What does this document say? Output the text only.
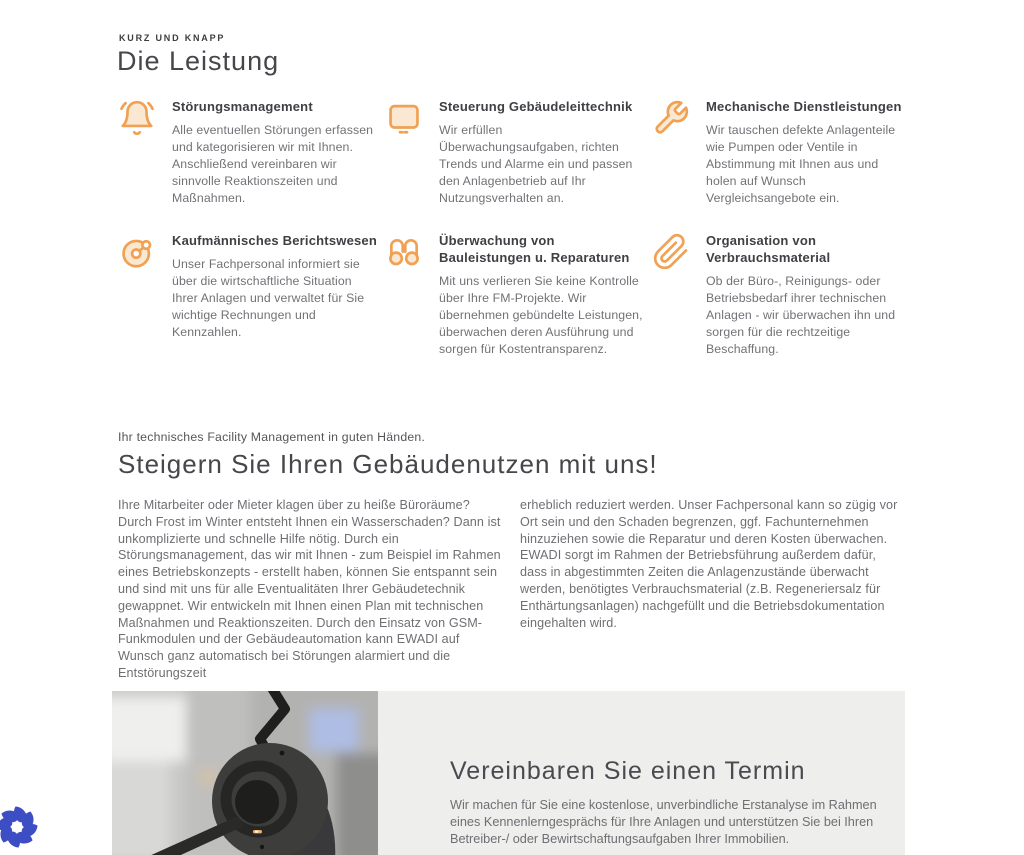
KURZ UND KNAPP
Die Leistung
Störungsmanagement

Alle eventuellen Störungen erfassen und kategorisieren wir mit Ihnen. Anschließend vereinbaren wir sinnvolle Reaktionszeiten und Maßnahmen.

Steuerung Gebäudeleittechnik

Wir erfüllen Überwachungsaufgaben, richten Trends und Alarme ein und passen den Anlagenbetrieb auf Ihr Nutzungsverhalten an.

Mechanische Dienstleistungen

Wir tauschen defekte Anlagenteile wie Pumpen oder Ventile in Abstimmung mit Ihnen aus und holen auf Wunsch Vergleichsangebote ein.

Kaufmännisches Berichtswesen

Unser Fachpersonal informiert sie über die wirtschaftliche Situation Ihrer Anlagen und verwaltet für Sie wichtige Rechnungen und Kennzahlen.

Überwachung von Bauleistungen u. Reparaturen

Mit uns verlieren Sie keine Kontrolle über Ihre FM-Projekte. Wir übernehmen gebündelte Leistungen, überwachen deren Ausführung und sorgen für Kostentransparenz.

Organisation von Verbrauchsmaterial

Ob der Büro-, Reinigungs- oder Betriebsbedarf ihrer technischen Anlagen - wir überwachen ihn und sorgen für die rechtzeitige Beschaffung.

Ihr technisches Facility Management in guten Händen.
Steigern Sie Ihren Gebäudenutzen mit uns!

Ihre Mitarbeiter oder Mieter klagen über zu heiße Büroräume? Durch Frost im Winter entsteht Ihnen ein Wasserschaden? Dann ist unkomplizierte und schnelle Hilfe nötig. Durch ein Störungsmanagement, das wir mit Ihnen - zum Beispiel im Rahmen eines Betriebskonzepts - erstellt haben, können Sie entspannt sein und sind mit uns für alle Eventualitäten Ihrer Gebäudetechnik gewappnet. Wir entwickeln mit Ihnen einen Plan mit technischen Maßnahmen und Reaktionszeiten. Durch den Einsatz von GSM-Funkmodulen und der Gebäudeautomation kann EWADI auf Wunsch ganz automatisch bei Störungen alarmiert und die Entstörungszeit

erheblich reduziert werden. Unser Fachpersonal kann so zügig vor Ort sein und den Schaden begrenzen, ggf. Fachunternehmen hinzuziehen sowie die Reparatur und deren Kosten überwachen. EWADI sorgt im Rahmen der Betriebsführung außerdem dafür, dass in abgestimmten Zeiten die Anlagenzustände überwacht werden, benötigtes Verbrauchsmaterial (z.B. Regeneriersalz für Enthärtungsanlagen) nachgefüllt und die Betriebsdokumentation eingehalten wird.

Vereinbaren Sie einen Termin

Wir machen für Sie eine kostenlose, unverbindliche Erstanalyse im Rahmen eines Kennenlerngesprächs für Ihre Anlagen und unterstützen Sie bei Ihren Betreiber-/ oder Bewirtschaftungsaufgaben Ihrer Immobilien.
